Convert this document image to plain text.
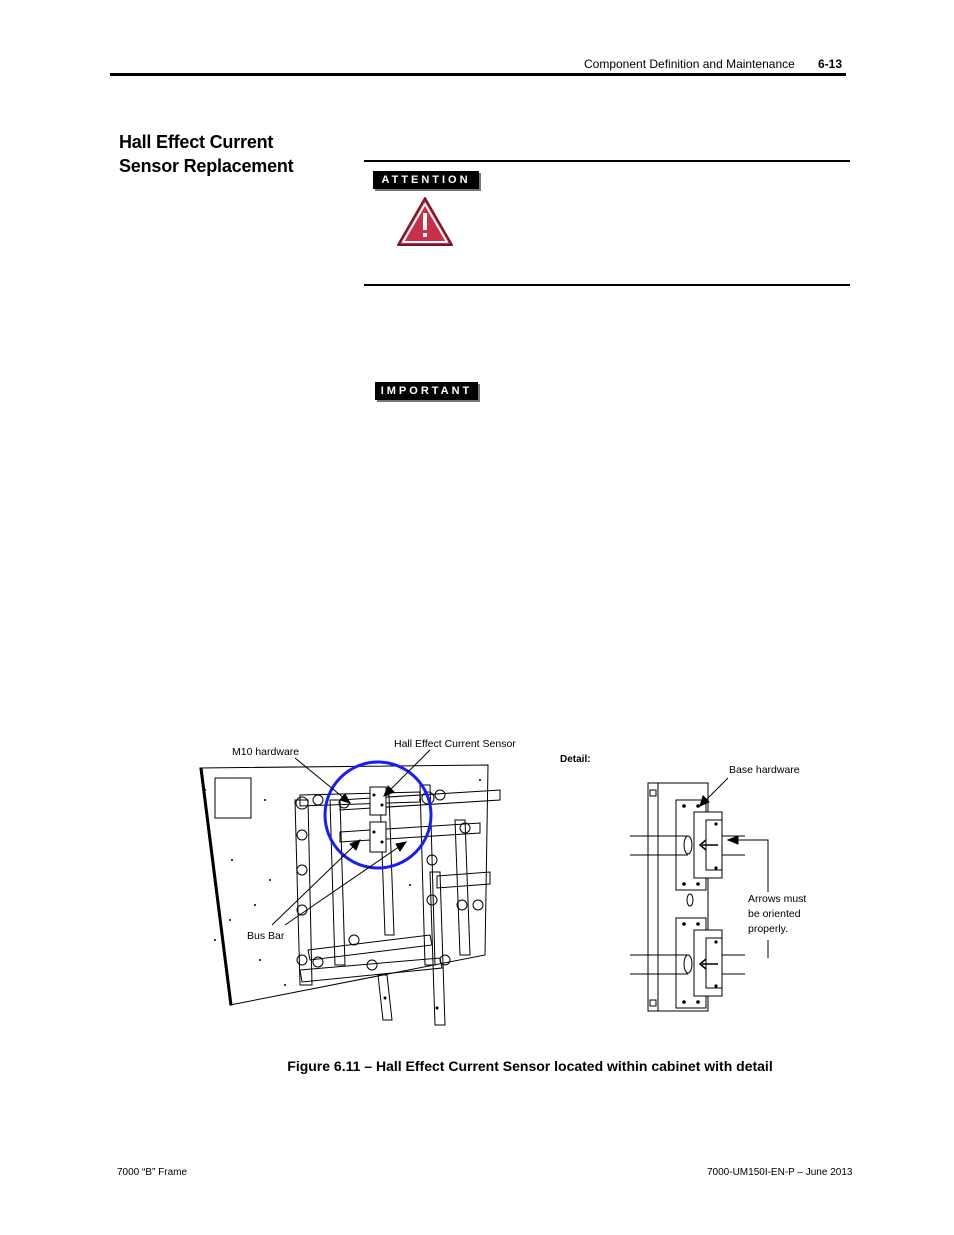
Component Definition and Maintenance 6-13
Hall Effect Current
Sensor Replacement
ATTENTION
IMPORTANT
M10 hardware
Hall Effect Current Sensor
Bus Bar
Detail:
Base hardware
Arrows must
be oriented
properly.
Figure 6.11 – Hall Effect Current Sensor located within cabinet with detail
7000 “B” Frame	7000-UM150I-EN-P – June 2013
